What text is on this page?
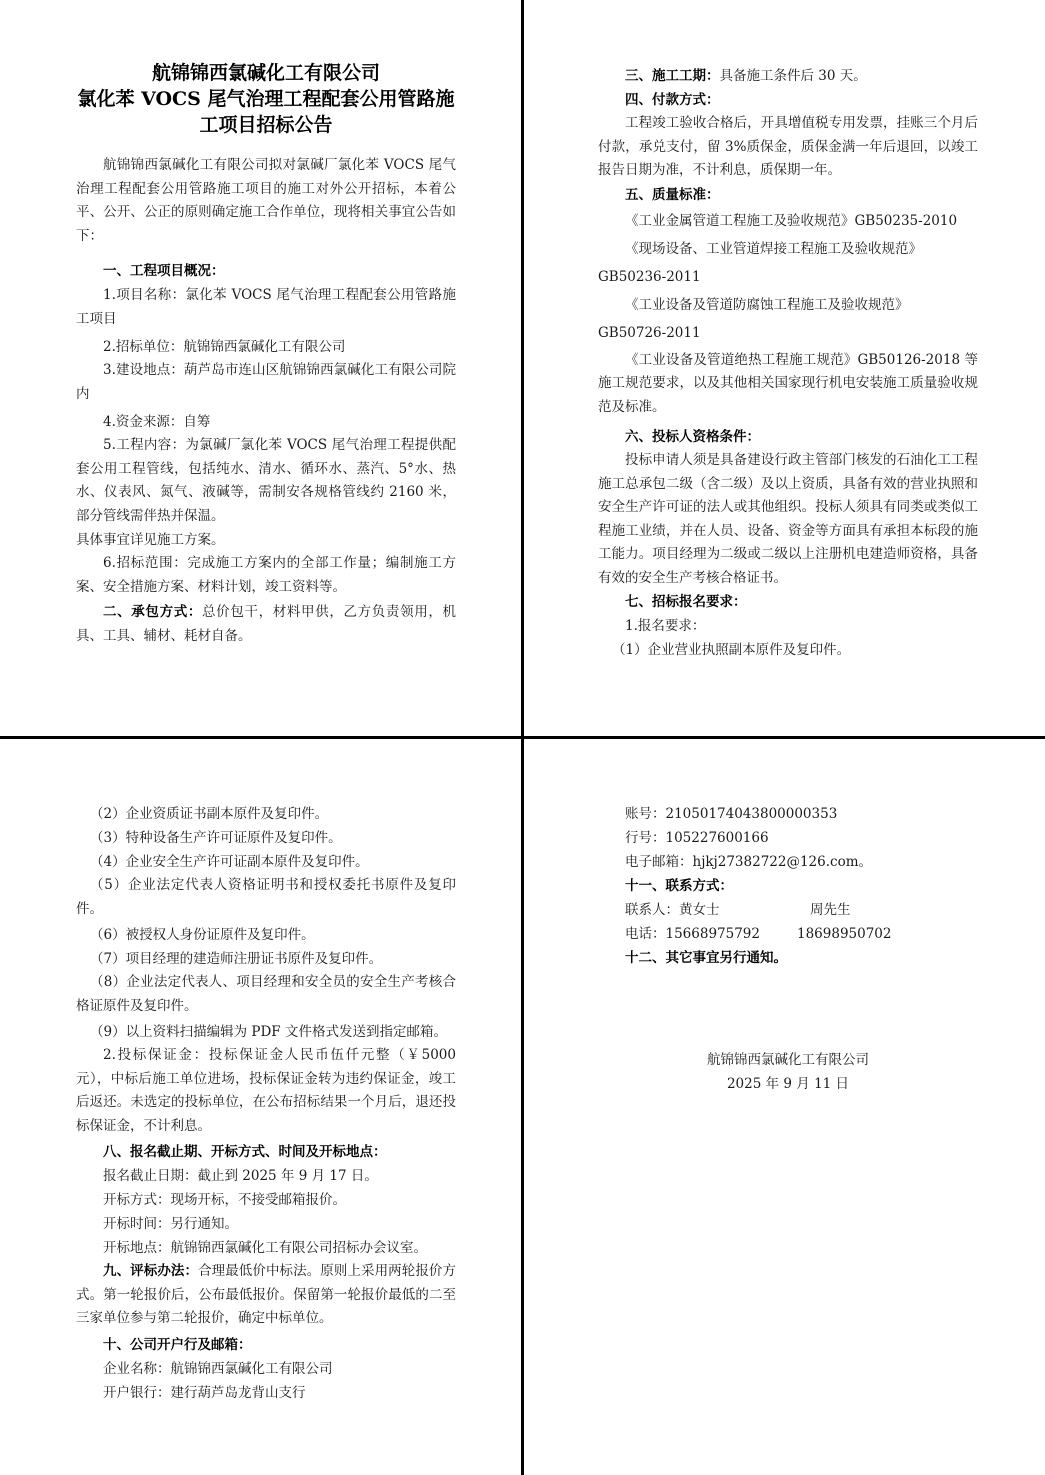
航锦锦西氯碱化工有限公司
氯化苯 VOCS 尾气治理工程配套公用管路施
工项目招标公告
航锦锦西氯碱化工有限公司拟对氯碱厂氯化苯 VOCS 尾气治理工程配套公用管路施工项目的施工对外公开招标，本着公平、公开、公正的原则确定施工合作单位，现将相关事宜公告如下：
一、工程项目概况：
1.项目名称：氯化苯 VOCS 尾气治理工程配套公用管路施工项目
2.招标单位：航锦锦西氯碱化工有限公司
3.建设地点：葫芦岛市连山区航锦锦西氯碱化工有限公司院内
4.资金来源：自筹
5.工程内容：为氯碱厂氯化苯 VOCS 尾气治理工程提供配套公用工程管线，包括纯水、清水、循环水、蒸汽、5°水、热水、仪表风、氮气、液碱等，需制安各规格管线约 2160 米，部分管线需伴热并保温。
具体事宜详见施工方案。
6.招标范围：完成施工方案内的全部工作量；编制施工方案、安全措施方案、材料计划，竣工资料等。
二、承包方式：总价包干，材料甲供，乙方负责领用，机具、工具、辅材、耗材自备。
三、施工工期：具备施工条件后 30 天。
四、付款方式：
工程竣工验收合格后，开具增值税专用发票，挂账三个月后付款，承兑支付，留 3%质保金，质保金满一年后退回，以竣工报告日期为准，不计利息，质保期一年。
五、质量标准：
《工业金属管道工程施工及验收规范》GB50235-2010
《现场设备、工业管道焊接工程施工及验收规范》
GB50236-2011
《工业设备及管道防腐蚀工程施工及验收规范》
GB50726-2011
《工业设备及管道绝热工程施工规范》GB50126-2018 等施工规范要求，以及其他相关国家现行机电安装施工质量验收规范及标准。
六、投标人资格条件：
投标申请人须是具备建设行政主管部门核发的石油化工工程施工总承包二级（含二级）及以上资质，具备有效的营业执照和安全生产许可证的法人或其他组织。投标人须具有同类或类似工程施工业绩，并在人员、设备、资金等方面具有承担本标段的施工能力。项目经理为二级或二级以上注册机电建造师资格，具备有效的安全生产考核合格证书。
七、招标报名要求：
1.报名要求：
（1）企业营业执照副本原件及复印件。
（2）企业资质证书副本原件及复印件。
（3）特种设备生产许可证原件及复印件。
（4）企业安全生产许可证副本原件及复印件。
（5）企业法定代表人资格证明书和授权委托书原件及复印件。
（6）被授权人身份证原件及复印件。
（7）项目经理的建造师注册证书原件及复印件。
（8）企业法定代表人、项目经理和安全员的安全生产考核合格证原件及复印件。
（9）以上资料扫描编辑为 PDF 文件格式发送到指定邮箱。
2.投标保证金：投标保证金人民币伍仟元整（￥5000 元），中标后施工单位进场，投标保证金转为违约保证金，竣工后返还。未选定的投标单位，在公布招标结果一个月后，退还投标保证金，不计利息。
八、报名截止期、开标方式、时间及开标地点：
报名截止日期：截止到 2025 年 9 月 17 日。
开标方式：现场开标，不接受邮箱报价。
开标时间：另行通知。
开标地点：航锦锦西氯碱化工有限公司招标办会议室。
九、评标办法：合理最低价中标法。原则上采用两轮报价方式。第一轮报价后，公布最低报价。保留第一轮报价最低的二至三家单位参与第二轮报价，确定中标单位。
十、公司开户行及邮箱：
企业名称：航锦锦西氯碱化工有限公司
开户银行：建行葫芦岛龙背山支行
账号：21050174043800000353
行号：105227600166
电子邮箱：hjkj27382722@126.com。
十一、联系方式：
联系人：黄女士	周先生
电话：15668975792	18698950702
十二、其它事宜另行通知。
航锦锦西氯碱化工有限公司
2025 年 9 月 11 日
